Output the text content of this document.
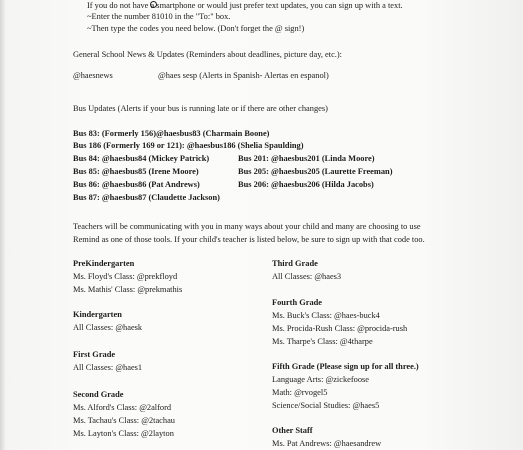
If you do not have a smartphone or would just prefer text updates, you can sign up with a text.
~Enter the number 81010 in the "To:" box.
~Then type the codes you need below. (Don't forget the @ sign!)
General School News & Updates (Reminders about deadlines, picture day, etc.):
@haesnews	@haes sesp (Alerts in Spanish- Alertas en espanol)
Bus Updates (Alerts if your bus is running late or if there are other changes)
Bus 83: (Formerly 156)@haesbus83 (Charmain Boone)
Bus 186 (Formerly 169 or 121): @haesbus186 (Shelia Spaulding)
Bus 84: @haesbus84 (Mickey Patrick)
Bus 85: @haesbus85 (Irene Moore)
Bus 86: @haesbus86 (Pat Andrews)
Bus 87: @haesbus87 (Claudette Jackson)
Bus 201: @haesbus201 (Linda Moore)
Bus 205: @haesbus205 (Laurette Freeman)
Bus 206: @haesbus206 (Hilda Jacobs)
Teachers will be communicating with you in many ways about your child and many are choosing to use
Remind as one of those tools. If your child's teacher is listed below, be sure to sign up with that code too.
PreKindergarten
Ms. Floyd's Class: @prekfloyd
Ms. Mathis' Class: @prekmathis
Kindergarten
All Classes: @haesk
First Grade
All Classes: @haes1
Second Grade
Ms. Alford's Class: @2alford
Ms. Tachau's Class: @2tachau
Ms. Layton's Class: @2layton
Third Grade
All Classes: @haes3
Fourth Grade
Ms. Buck's Class: @haes-buck4
Ms. Procida-Rush Class: @procida-rush
Ms. Tharpe's Class: @4tharpe
Fifth Grade (Please sign up for all three.)
Language Arts: @zickefoose
Math: @rvogel5
Science/Social Studies: @haes5
Other Staff
Ms. Pat Andrews: @haesandrew
